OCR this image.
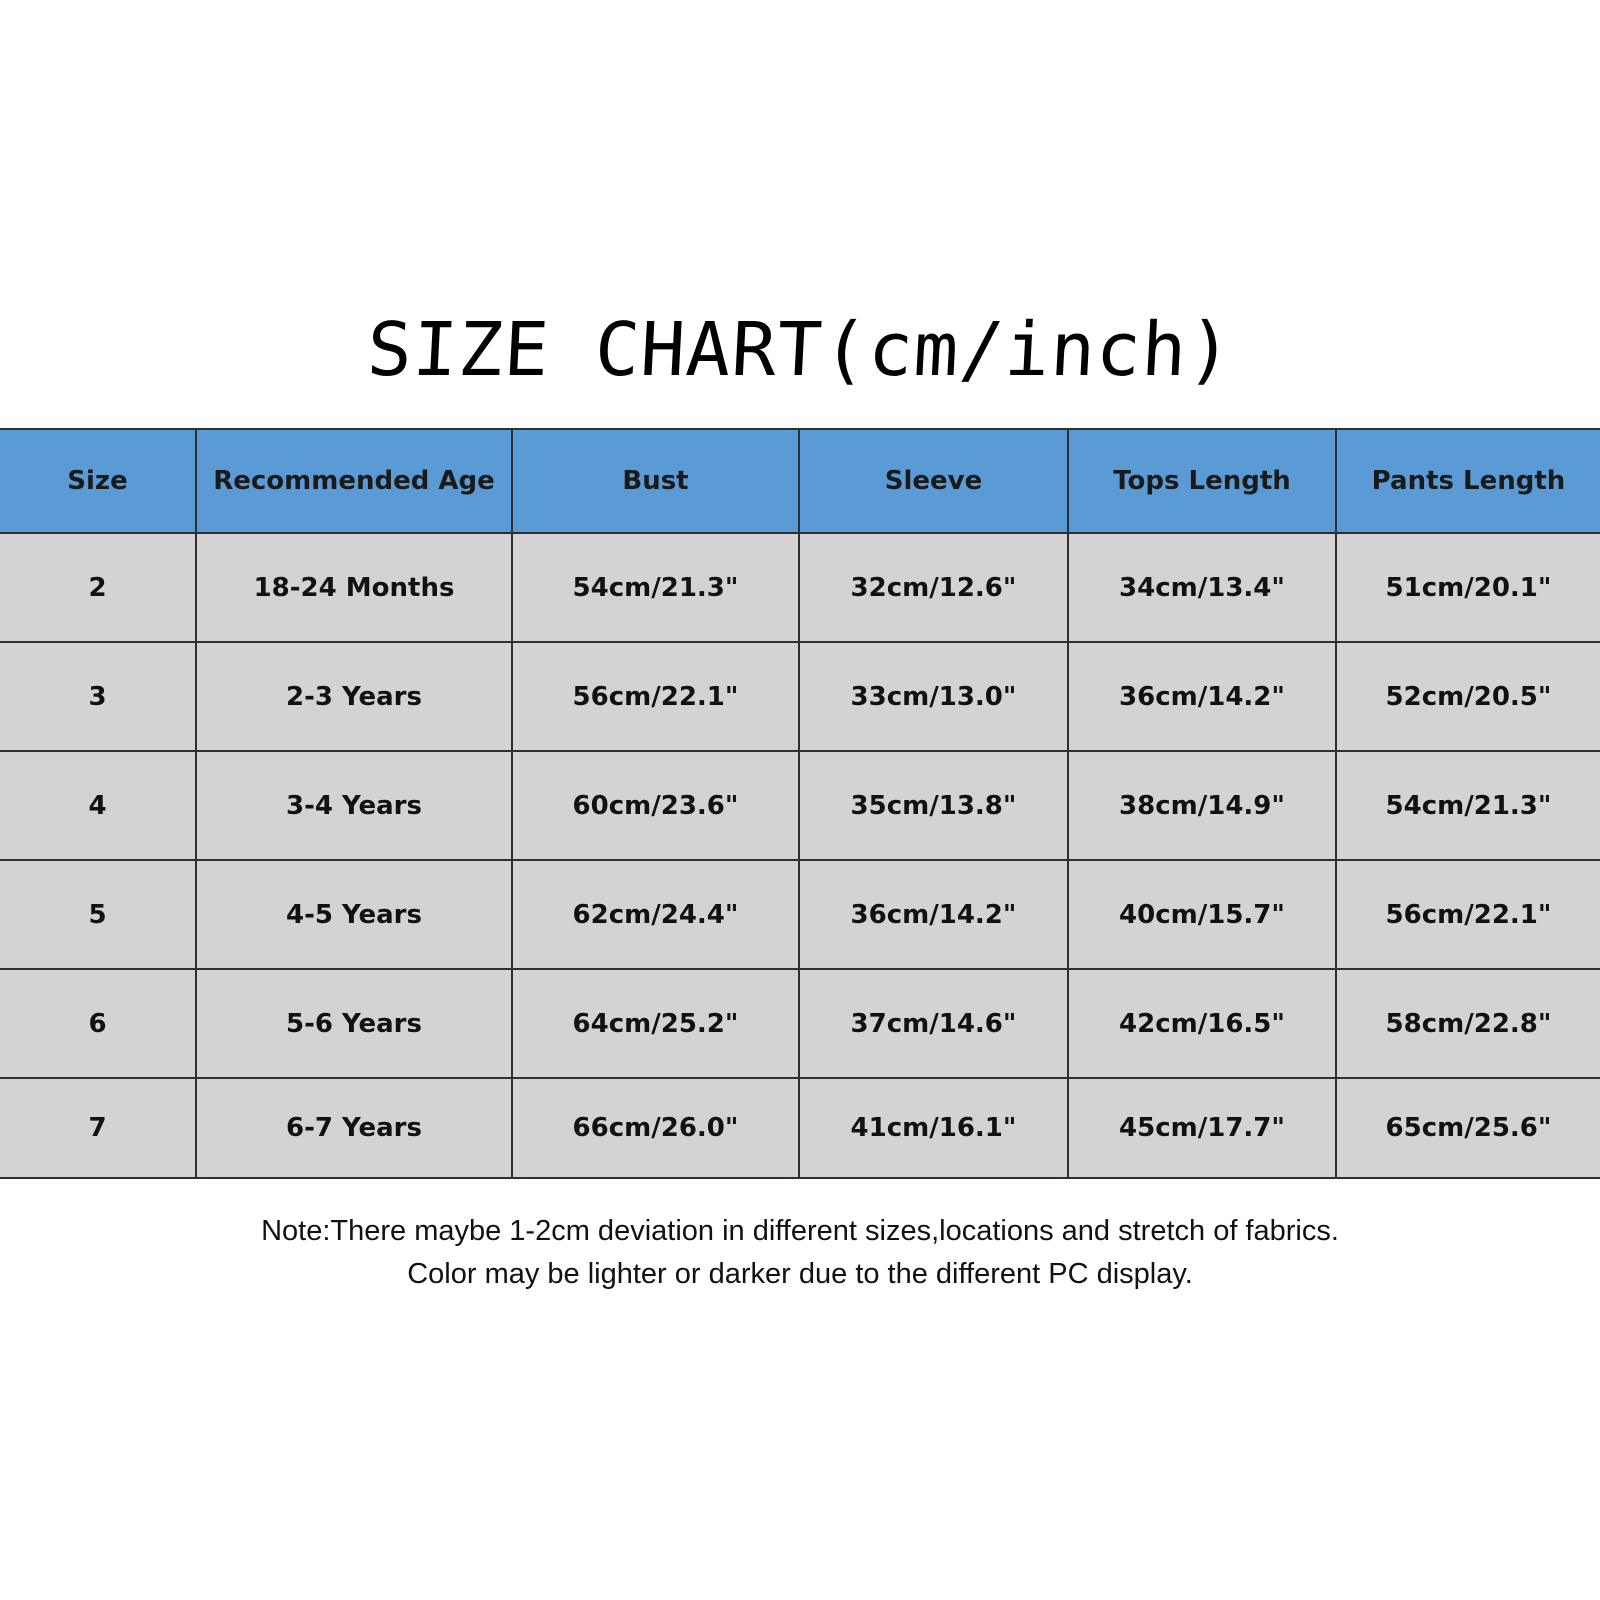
SIZE CHART(cm/inch)
Size	Recommended Age	Bust	Sleeve	Tops Length	Pants Length
2	18-24 Months	54cm/21.3"	32cm/12.6"	34cm/13.4"	51cm/20.1"
3	2-3 Years	56cm/22.1"	33cm/13.0"	36cm/14.2"	52cm/20.5"
4	3-4 Years	60cm/23.6"	35cm/13.8"	38cm/14.9"	54cm/21.3"
5	4-5 Years	62cm/24.4"	36cm/14.2"	40cm/15.7"	56cm/22.1"
6	5-6 Years	64cm/25.2"	37cm/14.6"	42cm/16.5"	58cm/22.8"
7	6-7 Years	66cm/26.0"	41cm/16.1"	45cm/17.7"	65cm/25.6"
Note:There maybe 1-2cm deviation in different sizes,locations and stretch of fabrics.
Color may be lighter or darker due to the different PC display.
